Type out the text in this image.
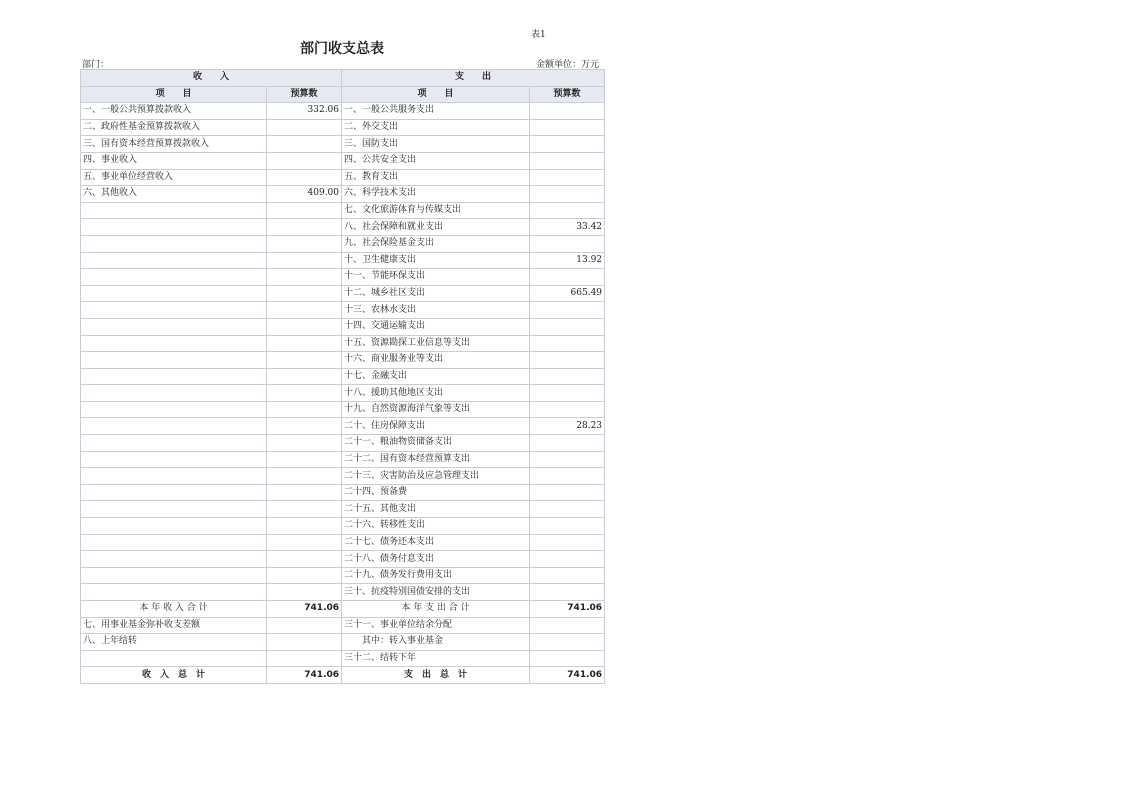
表1
部门收支总表
部门：	金额单位：万元
收　　入		支　　出	
项　　目	预算数	项　　目	预算数
一、一般公共预算拨款收入	332.06	一、一般公共服务支出	
二、政府性基金预算拨款收入		二、外交支出	
三、国有资本经营预算拨款收入		三、国防支出	
四、事业收入		四、公共安全支出	
五、事业单位经营收入		五、教育支出	
六、其他收入	409.00	六、科学技术支出	
		七、文化旅游体育与传媒支出	
		八、社会保障和就业支出	33.42
		九、社会保险基金支出	
		十、卫生健康支出	13.92
		十一、节能环保支出	
		十二、城乡社区支出	665.49
		十三、农林水支出	
		十四、交通运输支出	
		十五、资源勘探工业信息等支出	
		十六、商业服务业等支出	
		十七、金融支出	
		十八、援助其他地区支出	
		十九、自然资源海洋气象等支出	
		二十、住房保障支出	28.23
		二十一、粮油物资储备支出	
		二十二、国有资本经营预算支出	
		二十三、灾害防治及应急管理支出	
		二十四、预备费	
		二十五、其他支出	
		二十六、转移性支出	
		二十七、债务还本支出	
		二十八、债务付息支出	
		二十九、债务发行费用支出	
		三十、抗疫特别国债安排的支出	
本 年 收 入 合 计	741.06	本 年 支 出 合 计	741.06
七、用事业基金弥补收支差额		三十一、事业单位结余分配	
八、上年结转		其中：转入事业基金	
		三十二、结转下年	
收　入　总　计	741.06	支　出　总　计	741.06
